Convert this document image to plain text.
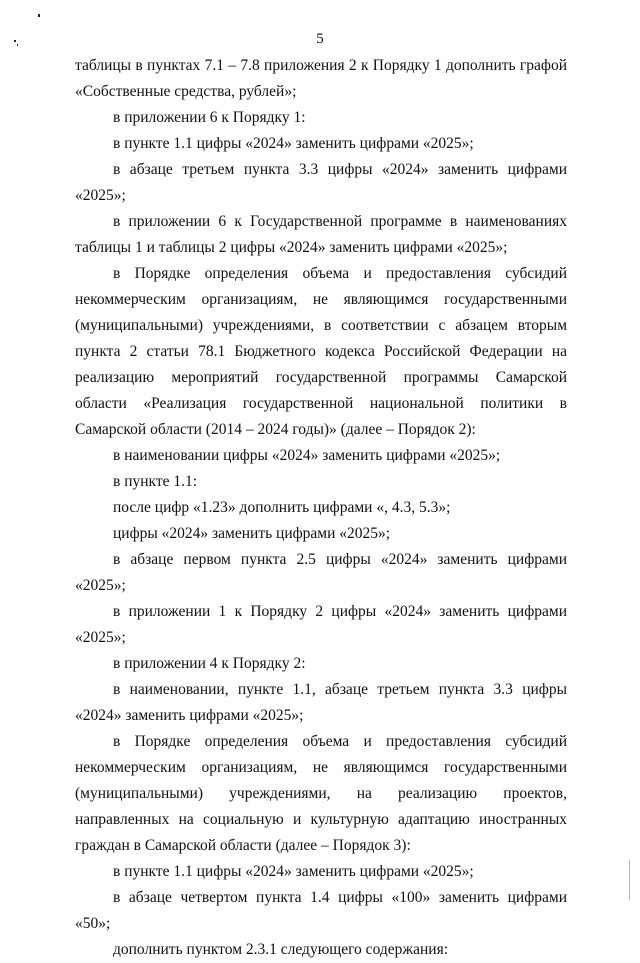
5

таблицы в пунктах 7.1 – 7.8 приложения 2 к Порядку 1 дополнить графой «Собственные средства, рублей»;

в приложении 6 к Порядку 1:

в пункте 1.1 цифры «2024» заменить цифрами «2025»;

в абзаце третьем пункта 3.3 цифры «2024» заменить цифрами «2025»;

в приложении 6 к Государственной программе в наименованиях таблицы 1 и таблицы 2 цифры «2024» заменить цифрами «2025»;

в Порядке определения объема и предоставления субсидий некоммерческим организациям, не являющимся государственными (муниципальными) учреждениями, в соответствии с абзацем вторым пункта 2 статьи 78.1 Бюджетного кодекса Российской Федерации на реализацию мероприятий государственной программы Самарской области «Реализация государственной национальной политики в Самарской области (2014 – 2024 годы)» (далее – Порядок 2):

в наименовании цифры «2024» заменить цифрами «2025»;

в пункте 1.1:

после цифр «1.23» дополнить цифрами «, 4.3, 5.3»;

цифры «2024» заменить цифрами «2025»;

в абзаце первом пункта 2.5 цифры «2024» заменить цифрами «2025»;

в приложении 1 к Порядку 2 цифры «2024» заменить цифрами «2025»;

в приложении 4 к Порядку 2:

в наименовании, пункте 1.1, абзаце третьем пункта 3.3 цифры «2024» заменить цифрами «2025»;

в Порядке определения объема и предоставления субсидий некоммерческим организациям, не являющимся государственными (муниципальными) учреждениями, на реализацию проектов, направленных на социальную и культурную адаптацию иностранных граждан в Самарской области (далее – Порядок 3):

в пункте 1.1 цифры «2024» заменить цифрами «2025»;

в абзаце четвертом пункта 1.4 цифры «100» заменить цифрами «50»;

дополнить пунктом 2.3.1 следующего содержания:
